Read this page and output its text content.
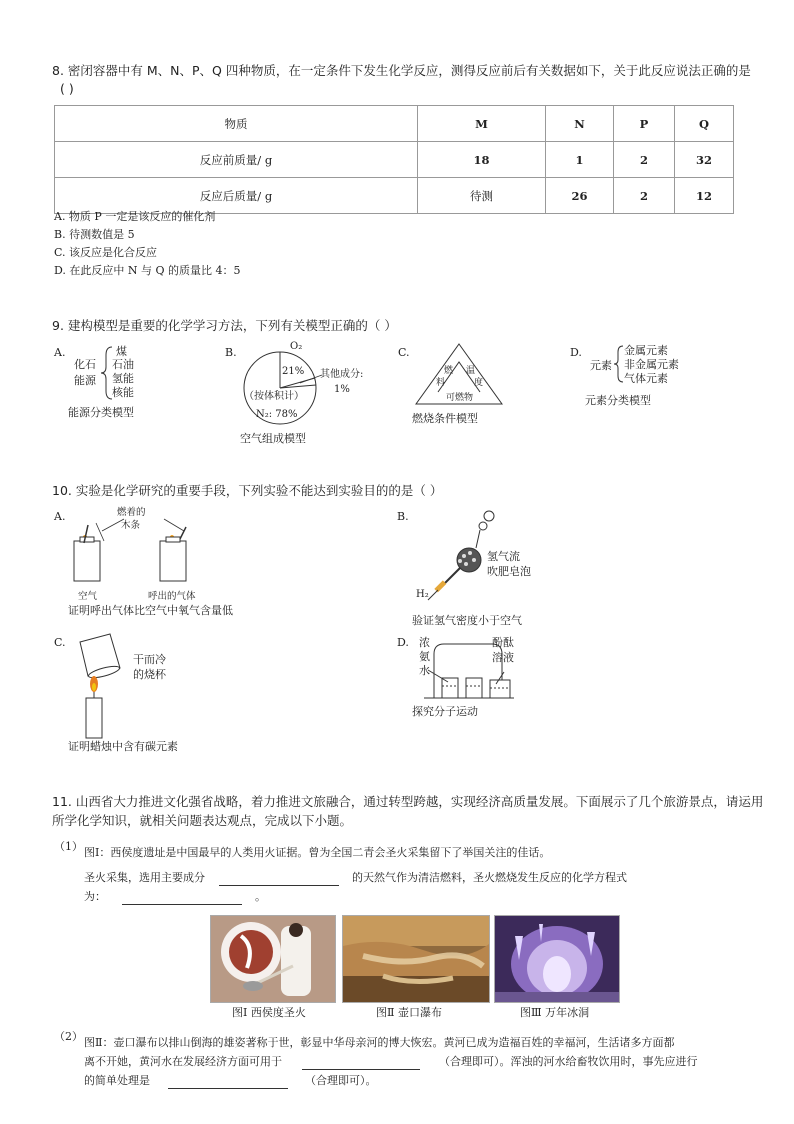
8. 密闭容器中有 M、N、P、Q 四种物质，在一定条件下发生化学反应，测得反应前后有关数据如下，关于此反应说法正确的是
( )
物质	M	N	P	Q
反应前质量/ g	18	1	2	32
反应后质量/ g	待测	26	2	12
A. 物质 P 一定是该反应的催化剂
B. 待测数值是 5
C. 该反应是化合反应
D. 在此反应中 N 与 Q 的质量比 4：5
9. 建构模型是重要的化学学习方法，下列有关模型正确的（ ）
A.
化石
能源
煤
石油
氢能
核能
能源分类模型
B.	O₂
21% 其他成分:
1%
（按体积计）
N₂: 78%
空气组成模型
C.
燃 温
料	度
可燃物
燃烧条件模型
D.
元素
金属元素
非金属元素
气体元素
元素分类模型
10. 实验是化学研究的重要手段，下列实验不能达到实验目的的是（ ）
A.	燃着的
木条
空气	呼出的气体
证明呼出气体比空气中氧气含量低
B.
氢气流
吹肥皂泡
H₂
验证氢气密度小于空气
C.
干而冷
的烧杯
证明蜡烛中含有碳元素
D. 浓
氨
水
酚酞
溶液
探究分子运动
11. 山西省大力推进文化强省战略，着力推进文旅融合，通过转型跨越，实现经济高质量发展。下面展示了几个旅游景点，请运用
所学化学知识，就相关问题表达观点，完成以下小题。
（1） 图Ⅰ：西侯度遗址是中国最早的人类用火证据。曾为全国二青会圣火采集留下了举国关注的佳话。
圣火采集，选用主要成分	的天然气作为清洁燃料，圣火燃烧发生反应的化学方程式
为：	。
图Ⅰ 西侯度圣火	图Ⅱ 壶口瀑布	图Ⅲ 万年冰洞
（2） 图Ⅱ：壶口瀑布以排山倒海的雄姿著称于世，彰显中华母亲河的博大恢宏。黄河已成为造福百姓的幸福河，生活诸多方面都
离不开她，黄河水在发展经济方面可用于	（合理即可）。浑浊的河水给畜牧饮用时，事先应进行
的简单处理是	（合理即可）。
